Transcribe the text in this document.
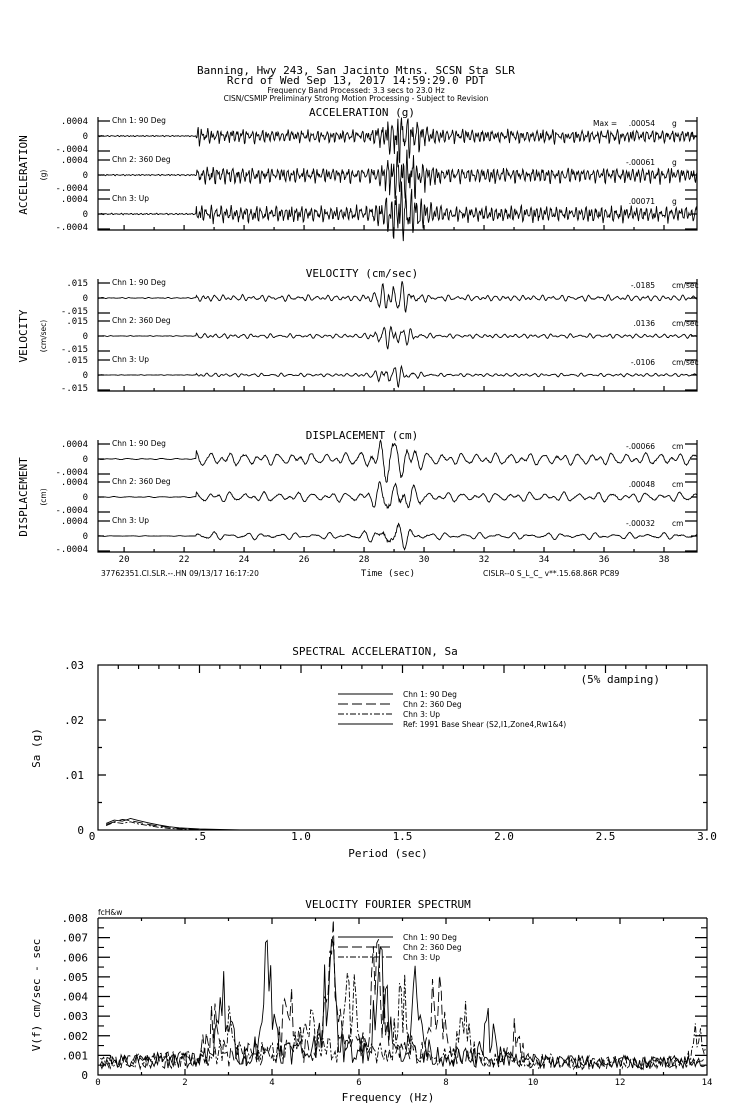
Banning, Hwy 243, San Jacinto Mtns. SCSN Sta SLR
Rcrd of Wed Sep 13, 2017 14:59:29.0 PDT
Frequency Band Processed: 3.3 secs to 23.0 Hz
CISN/CSMIP Preliminary Strong Motion Processing - Subject to Revision
ACCELERATION (g)
ACCELERATION (g)
.0004
0
-.0004
Chn 1: 90 Deg	Max = .00054 g
.0004
0
-.0004
Chn 2: 360 Deg	-.00061 g
.0004
0
-.0004
Chn 3: Up	.00071 g
VELOCITY (cm/sec)
VELOCITY (cm/sec)
.015
0
-.015
Chn 1: 90 Deg	-.0185 cm/sec
.015
0
-.015
Chn 2: 360 Deg	.0136 cm/sec
.015
0
-.015
Chn 3: Up	-.0106 cm/sec
DISPLACEMENT (cm)
DISPLACEMENT (cm)
.0004
0
-.0004
Chn 1: 90 Deg	-.00066 cm
.0004
0
-.0004
Chn 2: 360 Deg	.00048 cm
.0004
0
-.0004
Chn 3: Up	-.00032 cm
20	22	24	26	28	30	32	34	36	38
Time (sec)
37762351.CI.SLR.--.HN 09/13/17 16:17:20	CISLR--0 S_L_C_ v**.15.68.86R PC89
SPECTRAL ACCELERATION, Sa
0	.5	1.0	1.5	2.0	2.5	3.0
0
.01
.02
.03
Sa (g)
Period (sec)
(5% damping)
Chn 1: 90 Deg
Chn 2: 360 Deg
Chn 3: Up
Ref: 1991 Base Shear (S2,I1,Zone4,Rw1&4)
VELOCITY FOURIER SPECTRUM
0	2	4	6	8	10	12	14
0
.001
.002
.003
.004
.005
.006
.007
.008
V(f) cm/sec - sec
Frequency (Hz)
fcH&w
Chn 1: 90 Deg
Chn 2: 360 Deg
Chn 3: Up
